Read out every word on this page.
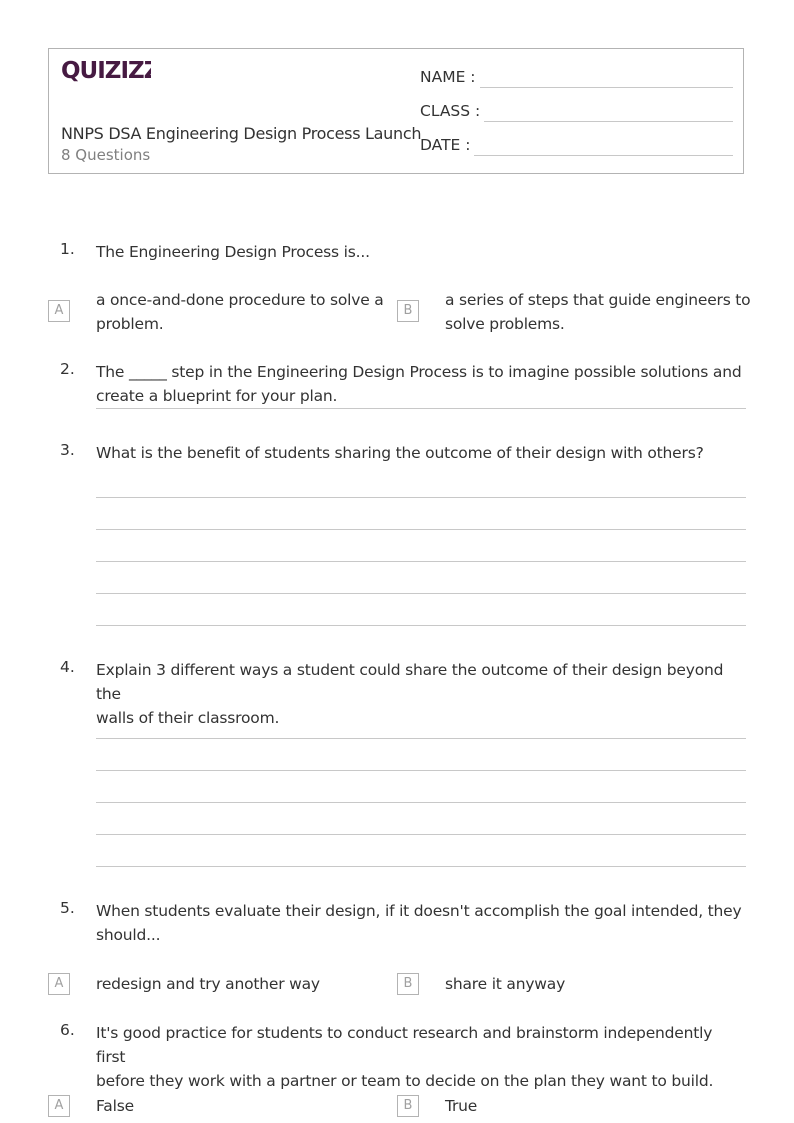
QUIZIZZ
NNPS DSA Engineering Design Process Launch
8 Questions
NAME :
CLASS :
DATE :
1. The Engineering Design Process is...
A
a once-and-done procedure to solve a
problem.
B
a series of steps that guide engineers to
solve problems.
2. The _____ step in the Engineering Design Process is to imagine possible solutions and
create a blueprint for your plan.
3. What is the benefit of students sharing the outcome of their design with others?
4. Explain 3 different ways a student could share the outcome of their design beyond the
walls of their classroom.
5. When students evaluate their design, if it doesn't accomplish the goal intended, they
should...
A	redesign and try another way	B	share it anyway
6. It's good practice for students to conduct research and brainstorm independently first
before they work with a partner or team to decide on the plan they want to build.
A	False	B	True
